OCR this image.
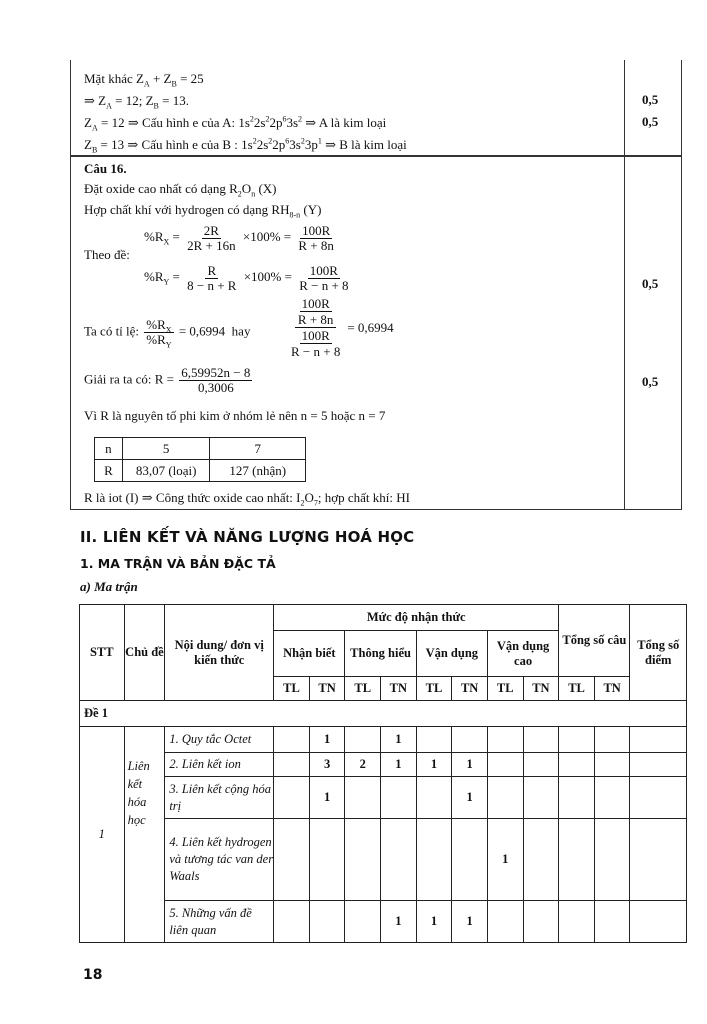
Mặt khác $Z_A + Z_B = 25$
⇒ $Z_A = 12$; $Z_B = 13$.
$Z_A = 12$ ⇒ Cấu hình e của A: $1s^22s^22p^63s^2$ ⇒ A là kim loại
$Z_B = 13$ ⇒ Cấu hình e của B : $1s^22s^22p^63s^23p^1$ ⇒ B là kim loại
0,5
0,5
Câu 16.
Đặt oxide cao nhất có dạng $R_2O_n$ (X)
Hợp chất khí với hydrogen có dạng $RH_{8-n}$ (Y)
$\%R_X = \frac{2R}{2R + 16n} \times 100\% = \frac{100R}{R + 8n}$
Theo đề:
$\%R_Y = \frac{R}{8 - n + R} \times 100\% = \frac{100R}{R - n + 8}$	0,5
Ta có tỉ lệ: $\frac{\%R_X}{\%R_Y} = 0,6994$  hay	100R
R + 8n
100R
R − n + 8 = 0,6994
Giải ra ta có: $R = \frac{6,59952n - 8}{0,3006}$	0,5
Vì R là nguyên tố phi kim ở nhóm lẻ nên n = 5 hoặc n = 7
n	5	7
R	83,07 (loại)	127 (nhận)
R là iot (I) ⇒ Công thức oxide cao nhất: $I_2O_7$; hợp chất khí: HI
II. LIÊN KẾT VÀ NĂNG LƯỢNG HOÁ HỌC
1. MA TRẬN VÀ BẢN ĐẶC TẢ
a) Ma trận
STT	Chủ đề	Nội dung/ đơn vị kiến thức	Mức độ nhận thức								Tổng số câu		Tổng số điểm
			Nhận biết		Thông hiểu		Vận dụng		Vận dụng cao				
			TL	TN	TL	TN	TL	TN	TL	TN	TL	TN	
Đề 1													
1	Liên kết hóa học	1. Quy tắc Octet		1		1							
		2. Liên kết ion		3	2	1	1	1					
		3. Liên kết cộng hóa trị		1				1					
		4. Liên kết hydrogen và tương tác van der Waals							1				
		5. Những vấn đề liên quan				1	1	1					
18
